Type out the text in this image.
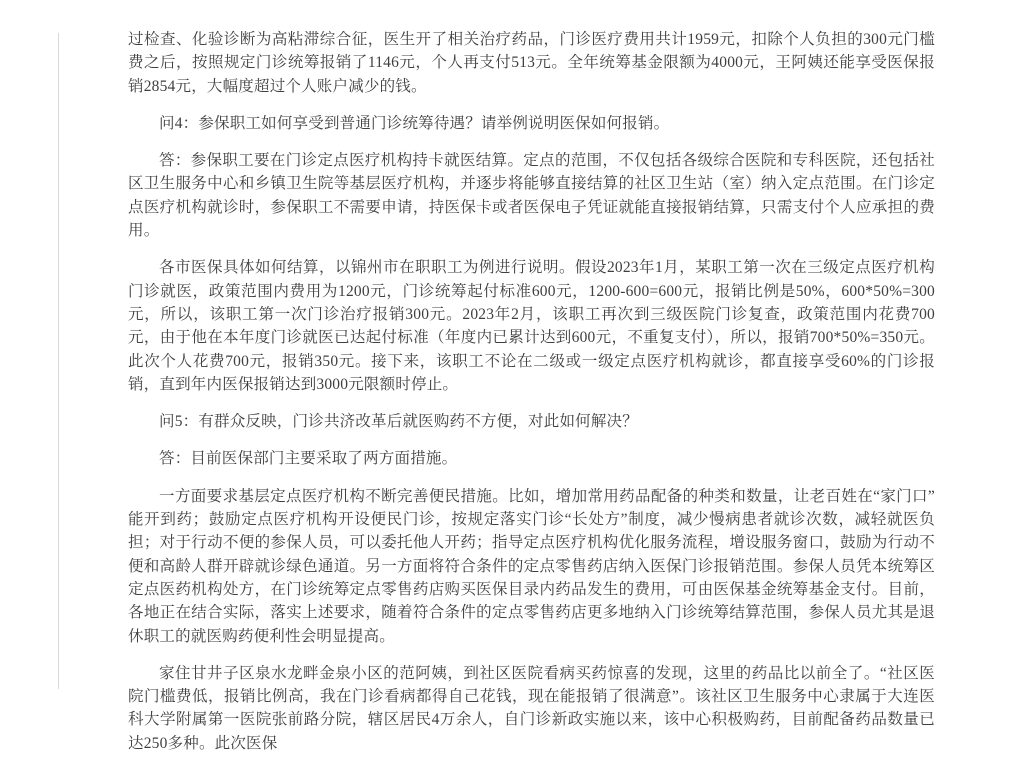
过检查、化验诊断为高粘滞综合征，医生开了相关治疗药品，门诊医疗费用共计1959元，扣除个人负担的300元门槛费之后，按照规定门诊统筹报销了1146元，个人再支付513元。全年统筹基金限额为4000元，王阿姨还能享受医保报销2854元，大幅度超过个人账户减少的钱。

问4：参保职工如何享受到普通门诊统筹待遇？请举例说明医保如何报销。

答：参保职工要在门诊定点医疗机构持卡就医结算。定点的范围，不仅包括各级综合医院和专科医院，还包括社区卫生服务中心和乡镇卫生院等基层医疗机构，并逐步将能够直接结算的社区卫生站（室）纳入定点范围。在门诊定点医疗机构就诊时，参保职工不需要申请，持医保卡或者医保电子凭证就能直接报销结算，只需支付个人应承担的费用。

各市医保具体如何结算，以锦州市在职职工为例进行说明。假设2023年1月，某职工第一次在三级定点医疗机构门诊就医，政策范围内费用为1200元，门诊统筹起付标准600元，1200-600=600元，报销比例是50%，600*50%=300元，所以，该职工第一次门诊治疗报销300元。2023年2月，该职工再次到三级医院门诊复查，政策范围内花费700元，由于他在本年度门诊就医已达起付标准（年度内已累计达到600元，不重复支付），所以，报销700*50%=350元。此次个人花费700元，报销350元。接下来，该职工不论在二级或一级定点医疗机构就诊，都直接享受60%的门诊报销，直到年内医保报销达到3000元限额时停止。

问5：有群众反映，门诊共济改革后就医购药不方便，对此如何解决？

答：目前医保部门主要采取了两方面措施。

一方面要求基层定点医疗机构不断完善便民措施。比如，增加常用药品配备的种类和数量，让老百姓在“家门口”能开到药；鼓励定点医疗机构开设便民门诊，按规定落实门诊“长处方”制度，减少慢病患者就诊次数，减轻就医负担；对于行动不便的参保人员，可以委托他人开药；指导定点医疗机构优化服务流程，增设服务窗口，鼓励为行动不便和高龄人群开辟就诊绿色通道。另一方面将符合条件的定点零售药店纳入医保门诊报销范围。参保人员凭本统筹区定点医药机构处方，在门诊统筹定点零售药店购买医保目录内药品发生的费用，可由医保基金统筹基金支付。目前，各地正在结合实际，落实上述要求，随着符合条件的定点零售药店更多地纳入门诊统筹结算范围，参保人员尤其是退休职工的就医购药便利性会明显提高。

家住甘井子区泉水龙畔金泉小区的范阿姨，到社区医院看病买药惊喜的发现，这里的药品比以前全了。“社区医院门槛费低，报销比例高，我在门诊看病都得自己花钱，现在能报销了很满意”。该社区卫生服务中心隶属于大连医科大学附属第一医院张前路分院，辖区居民4万余人，自门诊新政实施以来，该中心积极购药，目前配备药品数量已达250多种。此次医保
